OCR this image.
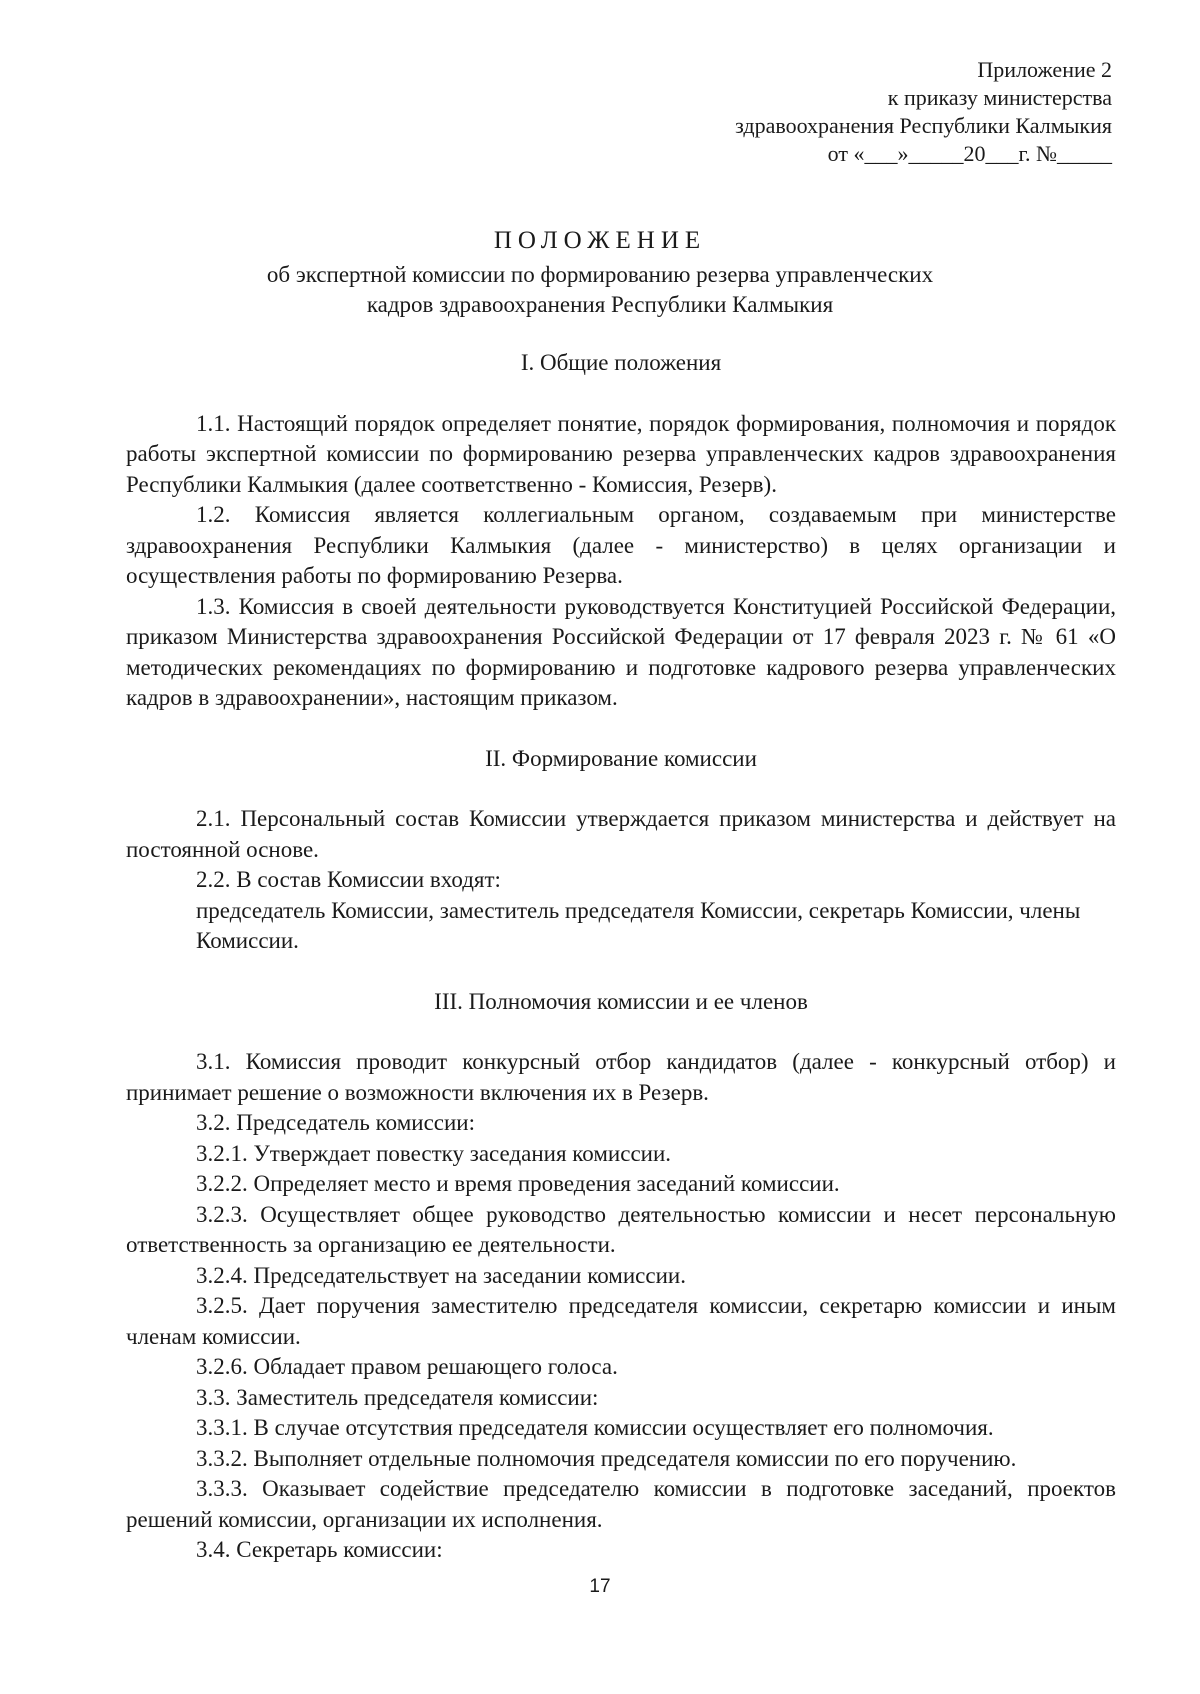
Приложение 2
к приказу министерства
здравоохранения Республики Калмыкия
от «___»_____20___г. №_____
ПОЛОЖЕНИЕ
об экспертной комиссии по формированию резерва управленческих
кадров здравоохранения Республики Калмыкия

I. Общие положения

1.1. Настоящий порядок определяет понятие, порядок формирования, полномочия и порядок работы экспертной комиссии по формированию резерва управленческих кадров здравоохранения Республики Калмыкия (далее соответственно - Комиссия, Резерв).

1.2. Комиссия является коллегиальным органом, создаваемым при министерстве здравоохранения Республики Калмыкия (далее - министерство) в целях организации и осуществления работы по формированию Резерва.

1.3. Комиссия в своей деятельности руководствуется Конституцией Российской Федерации, приказом Министерства здравоохранения Российской Федерации от 17 февраля 2023 г. № 61 «О методических рекомендациях по формированию и подготовке кадрового резерва управленческих кадров в здравоохранении», настоящим приказом.

II. Формирование комиссии

2.1. Персональный состав Комиссии утверждается приказом министерства и действует на постоянной основе.

2.2. В состав Комиссии входят:

председатель Комиссии, заместитель председателя Комиссии, секретарь Комиссии, члены Комиссии.

III. Полномочия комиссии и ее членов

3.1. Комиссия проводит конкурсный отбор кандидатов (далее - конкурсный отбор) и принимает решение о возможности включения их в Резерв.

3.2. Председатель комиссии:

3.2.1. Утверждает повестку заседания комиссии.

3.2.2. Определяет место и время проведения заседаний комиссии.

3.2.3. Осуществляет общее руководство деятельностью комиссии и несет персональную ответственность за организацию ее деятельности.

3.2.4. Председательствует на заседании комиссии.

3.2.5. Дает поручения заместителю председателя комиссии, секретарю комиссии и иным членам комиссии.

3.2.6. Обладает правом решающего голоса.

3.3. Заместитель председателя комиссии:

3.3.1. В случае отсутствия председателя комиссии осуществляет его полномочия.

3.3.2. Выполняет отдельные полномочия председателя комиссии по его поручению.

3.3.3. Оказывает содействие председателю комиссии в подготовке заседаний, проектов решений комиссии, организации их исполнения.

3.4. Секретарь комиссии:

17
